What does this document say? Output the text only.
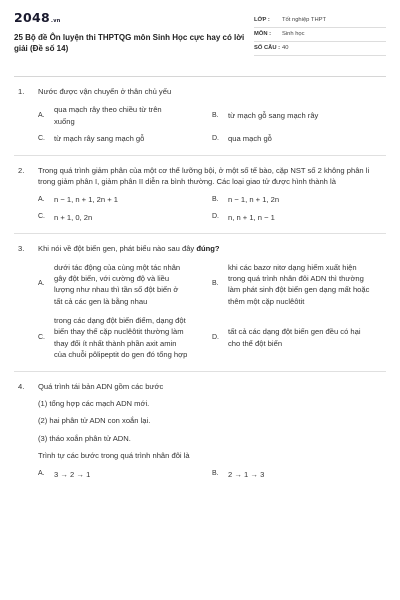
2048.vn
25 Bộ đề Ôn luyện thi THPTQG môn Sinh Học cực hay có lời giải (Đề số 14)
LỚP :	Tốt nghiệp THPT
MÔN :	Sinh học
SỐ CÂU : 40
1.	Nước được vận chuyển ở thân chủ yếu
A.
qua mạch rây theo chiều từ trên xuống
B.	từ mạch gỗ sang mạch rây
C.	từ mạch rây sang mạch gỗ	D.	qua mạch gỗ
2.	Trong quá trình giảm phân của một cơ thể lưỡng bội, ở một số tế bào, cặp NST số 2 không phân li trong giảm phân I, giảm phân II diễn ra bình thường. Các loại giao tử được hình thành là
A.	n − 1, n + 1, 2n + 1	B.	n − 1, n + 1, 2n
C.	n + 1, 0, 2n	D.	n, n + 1, n − 1
3.	Khi nói về đột biến gen, phát biểu nào sau đây đúng?
A.
dưới tác động của cùng một tác nhân gây đột biến, với cường độ và liều lượng như nhau thì tần số đột biến ở tất cả các gen là bằng nhau
B.
khi các bazơ nitơ dạng hiếm xuất hiện trong quá trình nhân đôi ADN thì thường làm phát sinh đột biến gen dạng mất hoặc thêm một cặp nuclêôtit
C.
trong các dạng đột biến điểm, dạng đột biến thay thế cặp nuclêôtit thường làm thay đổi ít nhất thành phần axit amin của chuỗi pôlipeptit do gen đó tổng hợp
D.
tất cả các dạng đột biến gen đều có hại cho thể đột biến
4.	Quá trình tái bản ADN gồm các bước
(1) tổng hợp các mạch ADN mới.
(2) hai phân tử ADN con xoắn lại.
(3) tháo xoắn phân tử ADN.
Trình tự các bước trong quá trình nhân đôi là
A.	3 → 2 → 1	B.	2 → 1 → 3
